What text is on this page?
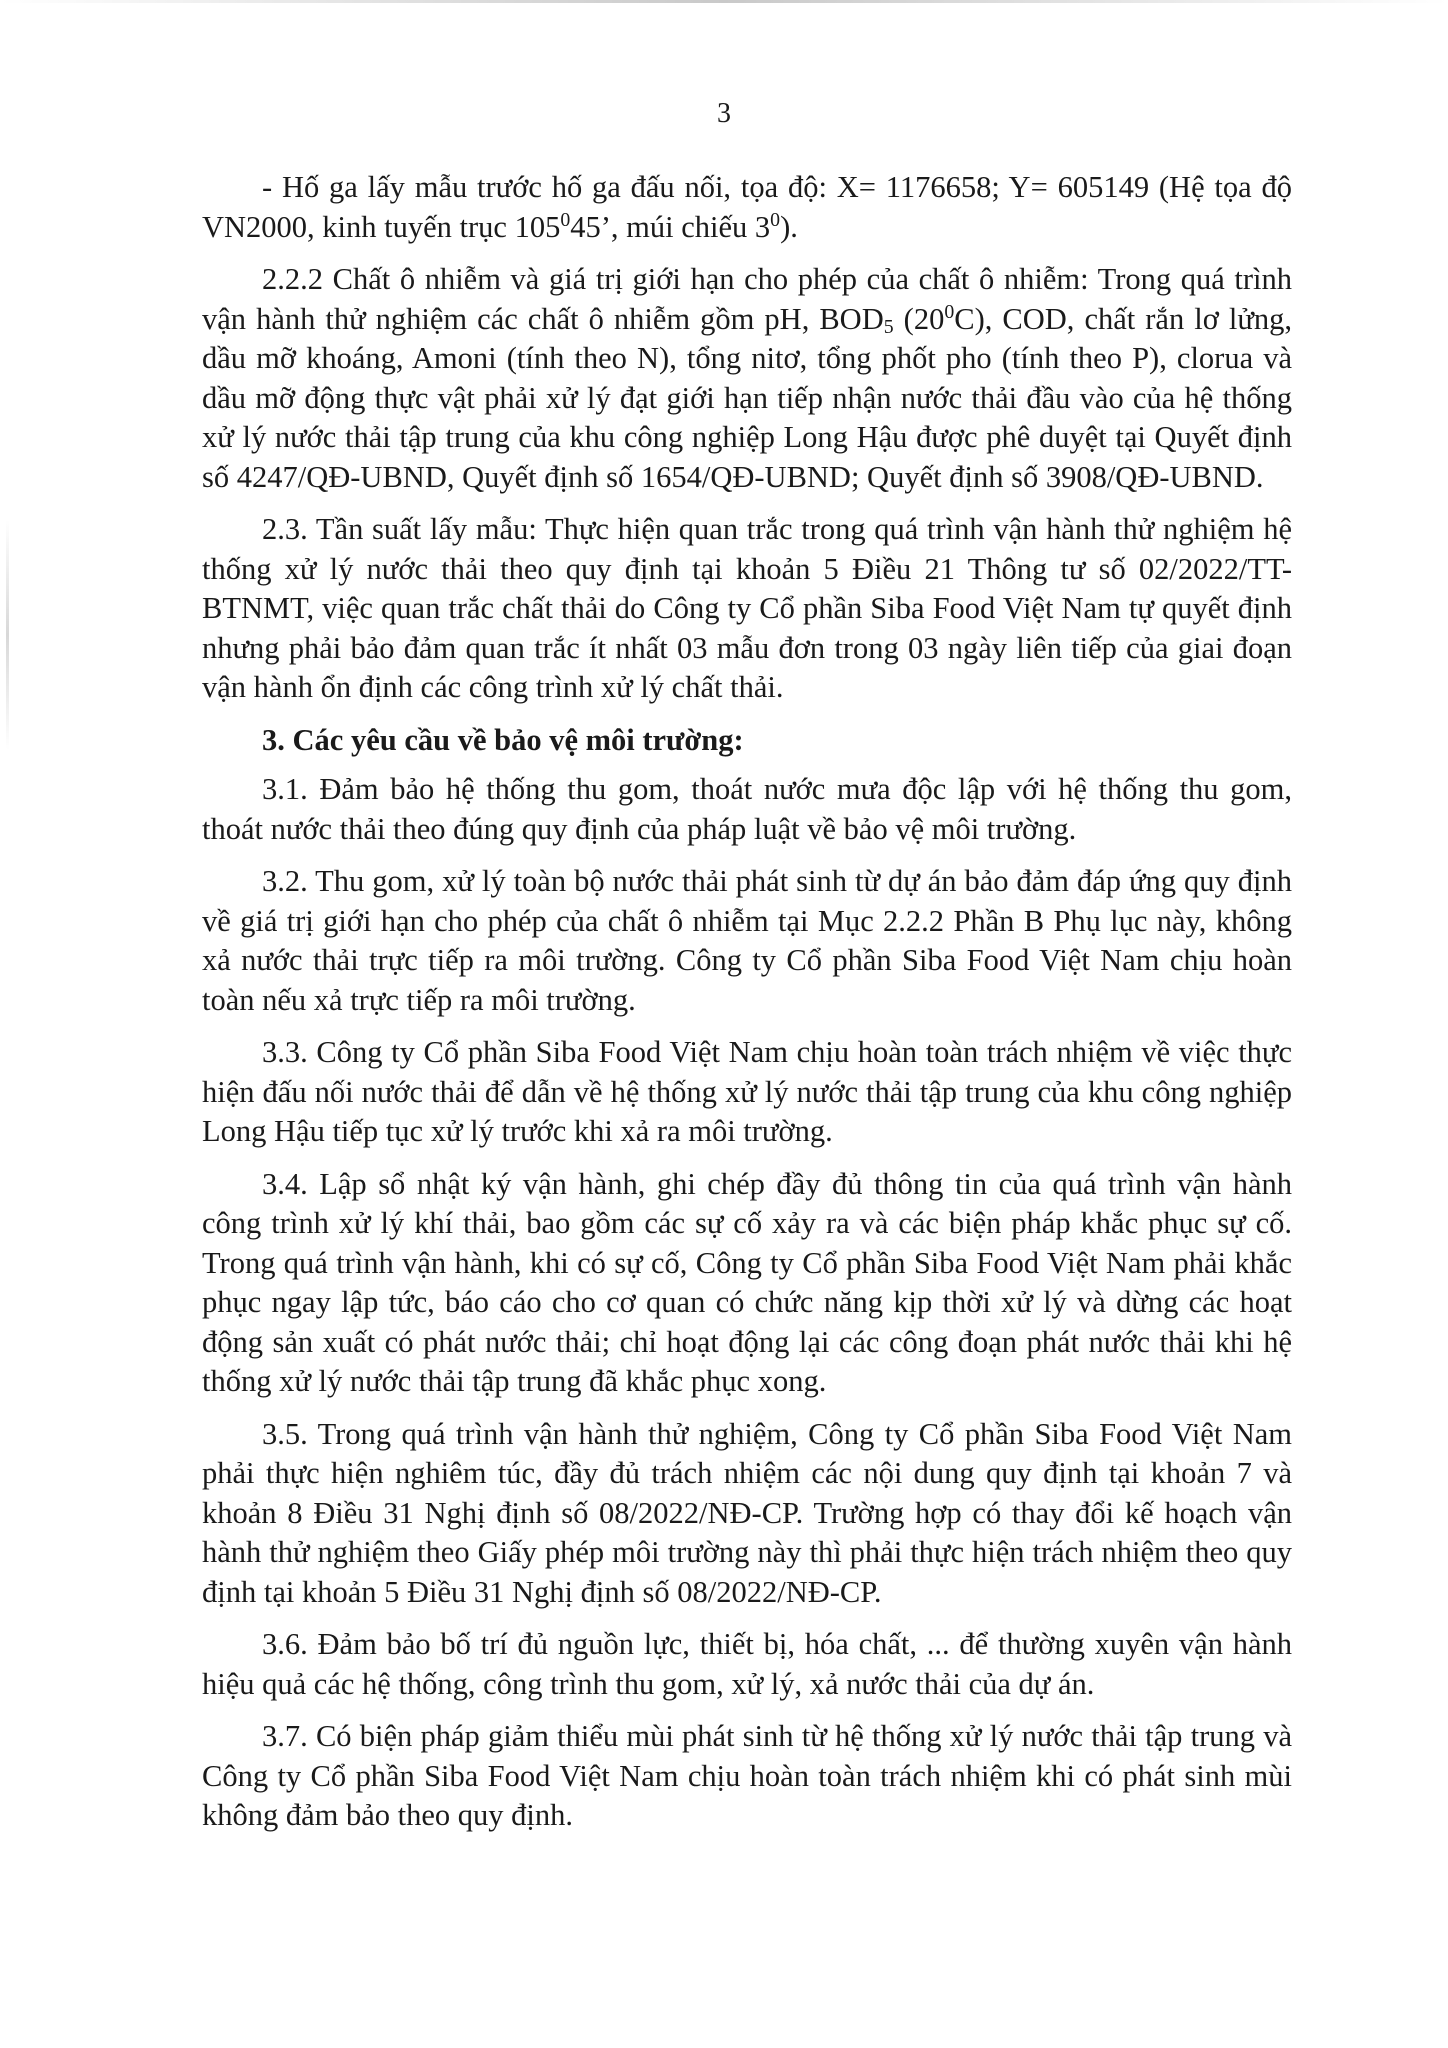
3

- Hố ga lấy mẫu trước hố ga đấu nối, tọa độ: X= 1176658; Y= 605149 (Hệ tọa độ VN2000, kinh tuyến trục $105^045$’, múi chiếu $3^0$).

2.2.2 Chất ô nhiễm và giá trị giới hạn cho phép của chất ô nhiễm: Trong quá trình vận hành thử nghiệm các chất ô nhiễm gồm pH, $BOD_5$ $(20^0C)$, COD, chất rắn lơ lửng, dầu mỡ khoáng, Amoni (tính theo N), tổng nitơ, tổng phốt pho (tính theo P), clorua và dầu mỡ động thực vật phải xử lý đạt giới hạn tiếp nhận nước thải đầu vào của hệ thống xử lý nước thải tập trung của khu công nghiệp Long Hậu được phê duyệt tại Quyết định số 4247/QĐ-UBND, Quyết định số 1654/QĐ-UBND; Quyết định số 3908/QĐ-UBND.

2.3. Tần suất lấy mẫu: Thực hiện quan trắc trong quá trình vận hành thử nghiệm hệ thống xử lý nước thải theo quy định tại khoản 5 Điều 21 Thông tư số 02/2022/TT-BTNMT, việc quan trắc chất thải do Công ty Cổ phần Siba Food Việt Nam tự quyết định nhưng phải bảo đảm quan trắc ít nhất 03 mẫu đơn trong 03 ngày liên tiếp của giai đoạn vận hành ổn định các công trình xử lý chất thải.

3. Các yêu cầu về bảo vệ môi trường:

3.1. Đảm bảo hệ thống thu gom, thoát nước mưa độc lập với hệ thống thu gom, thoát nước thải theo đúng quy định của pháp luật về bảo vệ môi trường.

3.2. Thu gom, xử lý toàn bộ nước thải phát sinh từ dự án bảo đảm đáp ứng quy định về giá trị giới hạn cho phép của chất ô nhiễm tại Mục 2.2.2 Phần B Phụ lục này, không xả nước thải trực tiếp ra môi trường. Công ty Cổ phần Siba Food Việt Nam chịu hoàn toàn nếu xả trực tiếp ra môi trường.

3.3. Công ty Cổ phần Siba Food Việt Nam chịu hoàn toàn trách nhiệm về việc thực hiện đấu nối nước thải để dẫn về hệ thống xử lý nước thải tập trung của khu công nghiệp Long Hậu tiếp tục xử lý trước khi xả ra môi trường.

3.4. Lập sổ nhật ký vận hành, ghi chép đầy đủ thông tin của quá trình vận hành công trình xử lý khí thải, bao gồm các sự cố xảy ra và các biện pháp khắc phục sự cố. Trong quá trình vận hành, khi có sự cố, Công ty Cổ phần Siba Food Việt Nam phải khắc phục ngay lập tức, báo cáo cho cơ quan có chức năng kịp thời xử lý và dừng các hoạt động sản xuất có phát nước thải; chỉ hoạt động lại các công đoạn phát nước thải khi hệ thống xử lý nước thải tập trung đã khắc phục xong.

3.5. Trong quá trình vận hành thử nghiệm, Công ty Cổ phần Siba Food Việt Nam phải thực hiện nghiêm túc, đầy đủ trách nhiệm các nội dung quy định tại khoản 7 và khoản 8 Điều 31 Nghị định số 08/2022/NĐ-CP. Trường hợp có thay đổi kế hoạch vận hành thử nghiệm theo Giấy phép môi trường này thì phải thực hiện trách nhiệm theo quy định tại khoản 5 Điều 31 Nghị định số 08/2022/NĐ-CP.

3.6. Đảm bảo bố trí đủ nguồn lực, thiết bị, hóa chất, ... để thường xuyên vận hành hiệu quả các hệ thống, công trình thu gom, xử lý, xả nước thải của dự án.

3.7. Có biện pháp giảm thiểu mùi phát sinh từ hệ thống xử lý nước thải tập trung và Công ty Cổ phần Siba Food Việt Nam chịu hoàn toàn trách nhiệm khi có phát sinh mùi không đảm bảo theo quy định.
